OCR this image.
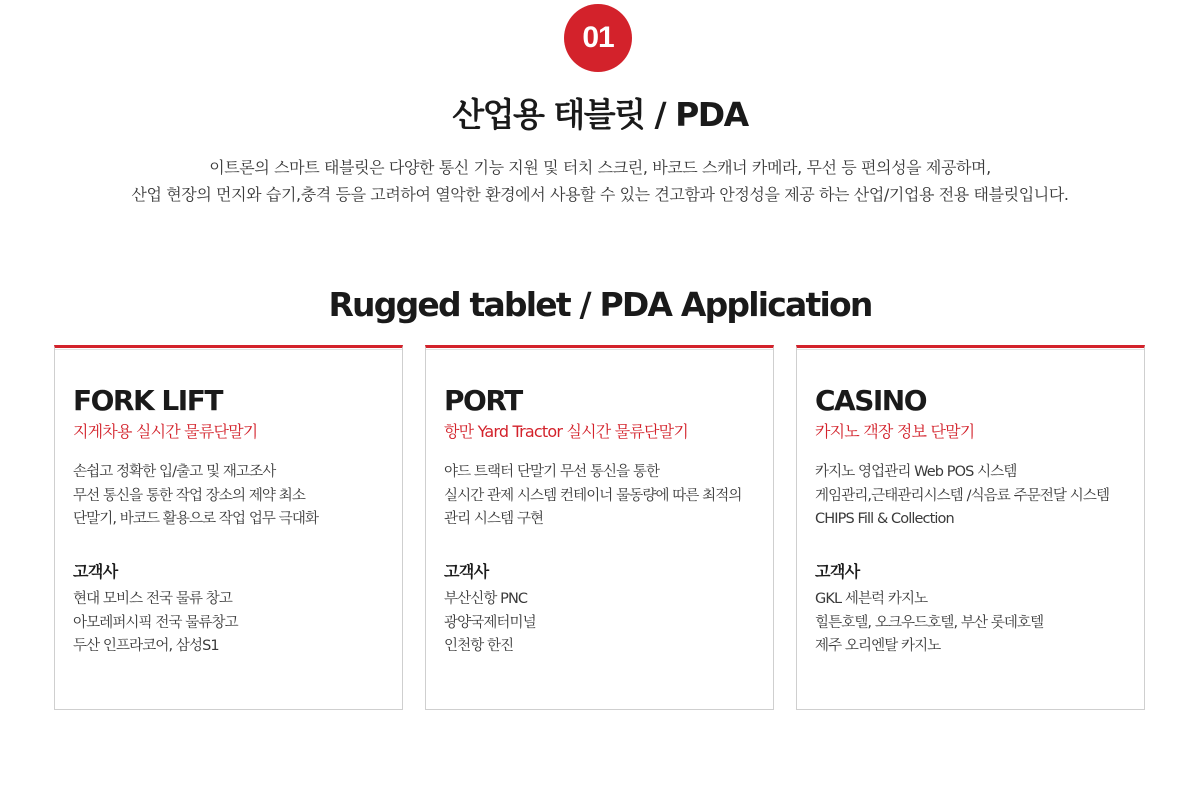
01
산업용 태블릿 / PDA

이트론의 스마트 태블릿은 다양한 통신 기능 지원 및 터치 스크린, 바코드 스캐너 카메라, 무선 등 편의성을 제공하며,

산업 현장의 먼지와 습기,충격 등을 고려하여 열악한 환경에서 사용할 수 있는 견고함과 안정성을 제공 하는 산업/기업용 전용 태블릿입니다.

Rugged tablet / PDA Application
FORK LIFT
지게차용 실시간 물류단말기
손쉽고 정확한 입/출고 및 재고조사
무선 통신을 통한 작업 장소의 제약 최소
단말기, 바코드 활용으로 작업 업무 극대화
고객사
현대 모비스 전국 물류 창고
아모레퍼시픽 전국 물류창고
두산 인프라코어, 삼성S1
PORT
항만 Yard Tractor 실시간 물류단말기
야드 트랙터 단말기 무선 통신을 통한
실시간 관제 시스템 컨테이너 물동량에 따른 최적의
관리 시스템 구현
고객사
부산신항 PNC
광양국제터미널
인천항 한진
CASINO
카지노 객장 정보 단말기
카지노 영업관리 Web POS 시스템
게임관리,근태관리시스템 /식음료 주문전달 시스템
CHIPS Fill & Collection
고객사
GKL 세븐럭 카지노
힐튼호텔, 오크우드호텔, 부산 롯데호텔
제주 오리엔탈 카지노
